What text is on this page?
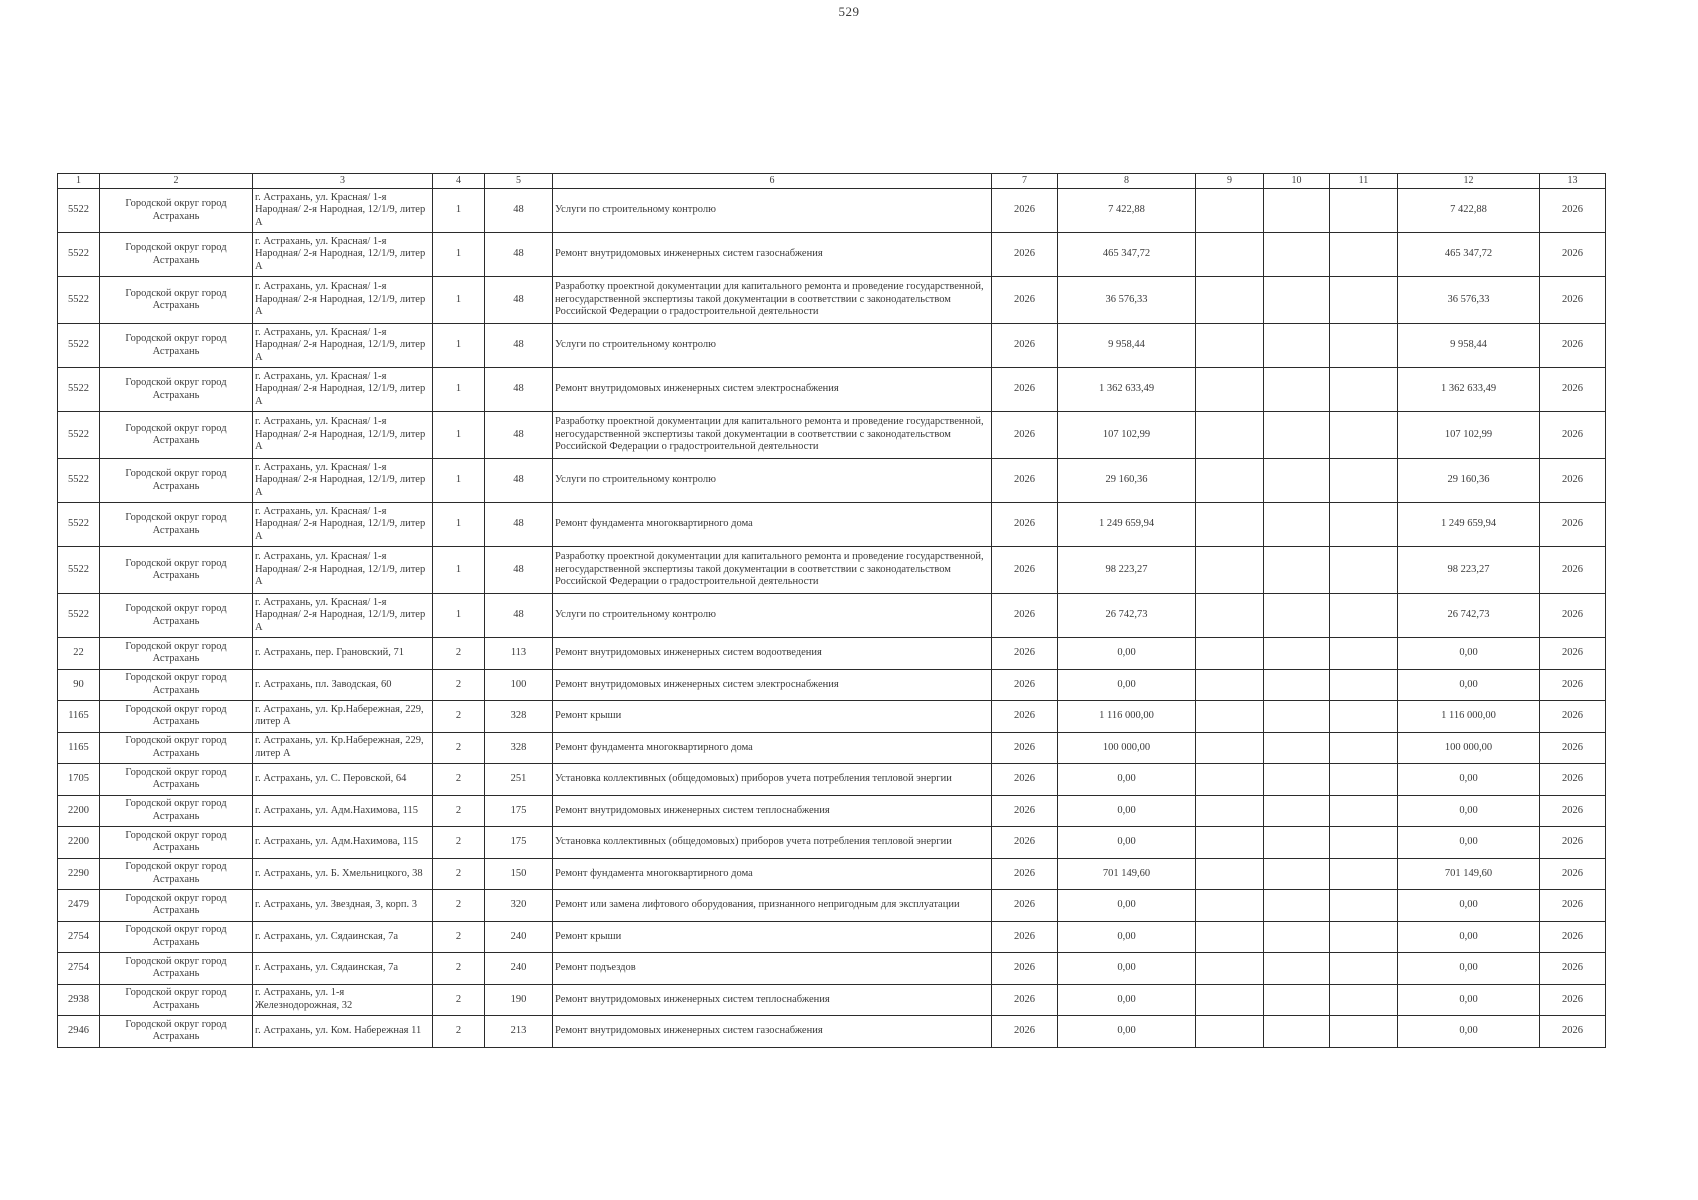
529
1	2	3	4	5	6	7	8	9	10	11	12	13
5522	Городской округ город Астрахань	г. Астрахань, ул. Красная/ 1-я Народная/ 2-я Народная, 12/1/9, литер А	1	48	Услуги по строительному контролю	2026	7 422,88				7 422,88	2026
5522	Городской округ город Астрахань	г. Астрахань, ул. Красная/ 1-я Народная/ 2-я Народная, 12/1/9, литер А	1	48	Ремонт внутридомовых инженерных систем газоснабжения	2026	465 347,72				465 347,72	2026
5522	Городской округ город Астрахань	г. Астрахань, ул. Красная/ 1-я Народная/ 2-я Народная, 12/1/9, литер А	1	48	Разработку проектной документации для капитального ремонта и проведение государственной, негосударственной экспертизы такой документации в соответствии с законодательством Российской Федерации о градостроительной деятельности	2026	36 576,33				36 576,33	2026
5522	Городской округ город Астрахань	г. Астрахань, ул. Красная/ 1-я Народная/ 2-я Народная, 12/1/9, литер А	1	48	Услуги по строительному контролю	2026	9 958,44				9 958,44	2026
5522	Городской округ город Астрахань	г. Астрахань, ул. Красная/ 1-я Народная/ 2-я Народная, 12/1/9, литер А	1	48	Ремонт внутридомовых инженерных систем электроснабжения	2026	1 362 633,49				1 362 633,49	2026
5522	Городской округ город Астрахань	г. Астрахань, ул. Красная/ 1-я Народная/ 2-я Народная, 12/1/9, литер А	1	48	Разработку проектной документации для капитального ремонта и проведение государственной, негосударственной экспертизы такой документации в соответствии с законодательством Российской Федерации о градостроительной деятельности	2026	107 102,99				107 102,99	2026
5522	Городской округ город Астрахань	г. Астрахань, ул. Красная/ 1-я Народная/ 2-я Народная, 12/1/9, литер А	1	48	Услуги по строительному контролю	2026	29 160,36				29 160,36	2026
5522	Городской округ город Астрахань	г. Астрахань, ул. Красная/ 1-я Народная/ 2-я Народная, 12/1/9, литер А	1	48	Ремонт фундамента многоквартирного дома	2026	1 249 659,94				1 249 659,94	2026
5522	Городской округ город Астрахань	г. Астрахань, ул. Красная/ 1-я Народная/ 2-я Народная, 12/1/9, литер А	1	48	Разработку проектной документации для капитального ремонта и проведение государственной, негосударственной экспертизы такой документации в соответствии с законодательством Российской Федерации о градостроительной деятельности	2026	98 223,27				98 223,27	2026
5522	Городской округ город Астрахань	г. Астрахань, ул. Красная/ 1-я Народная/ 2-я Народная, 12/1/9, литер А	1	48	Услуги по строительному контролю	2026	26 742,73				26 742,73	2026
22	Городской округ город Астрахань	г. Астрахань, пер. Грановский, 71	2	113	Ремонт внутридомовых инженерных систем водоотведения	2026	0,00				0,00	2026
90	Городской округ город Астрахань	г. Астрахань, пл. Заводская, 60	2	100	Ремонт внутридомовых инженерных систем электроснабжения	2026	0,00				0,00	2026
1165	Городской округ город Астрахань	г. Астрахань, ул. Кр.Набережная, 229, литер А	2	328	Ремонт крыши	2026	1 116 000,00				1 116 000,00	2026
1165	Городской округ город Астрахань	г. Астрахань, ул. Кр.Набережная, 229, литер А	2	328	Ремонт фундамента многоквартирного дома	2026	100 000,00				100 000,00	2026
1705	Городской округ город Астрахань	г. Астрахань, ул. С. Перовской, 64	2	251	Установка коллективных (общедомовых) приборов учета потребления тепловой энергии	2026	0,00				0,00	2026
2200	Городской округ город Астрахань	г. Астрахань, ул. Адм.Нахимова, 115	2	175	Ремонт внутридомовых инженерных систем теплоснабжения	2026	0,00				0,00	2026
2200	Городской округ город Астрахань	г. Астрахань, ул. Адм.Нахимова, 115	2	175	Установка коллективных (общедомовых) приборов учета потребления тепловой энергии	2026	0,00				0,00	2026
2290	Городской округ город Астрахань	г. Астрахань, ул. Б. Хмельницкого, 38	2	150	Ремонт фундамента многоквартирного дома	2026	701 149,60				701 149,60	2026
2479	Городской округ город Астрахань	г. Астрахань, ул. Звездная, 3, корп. 3	2	320	Ремонт или замена лифтового оборудования, признанного непригодным для эксплуатации	2026	0,00				0,00	2026
2754	Городской округ город Астрахань	г. Астрахань, ул. Сядаинская, 7а	2	240	Ремонт крыши	2026	0,00				0,00	2026
2754	Городской округ город Астрахань	г. Астрахань, ул. Сядаинская, 7а	2	240	Ремонт подъездов	2026	0,00				0,00	2026
2938	Городской округ город Астрахань	г. Астрахань, ул. 1-я Железнодорожная, 32	2	190	Ремонт внутридомовых инженерных систем теплоснабжения	2026	0,00				0,00	2026
2946	Городской округ город Астрахань	г. Астрахань, ул. Ком. Набережная 11	2	213	Ремонт внутридомовых инженерных систем газоснабжения	2026	0,00				0,00	2026
